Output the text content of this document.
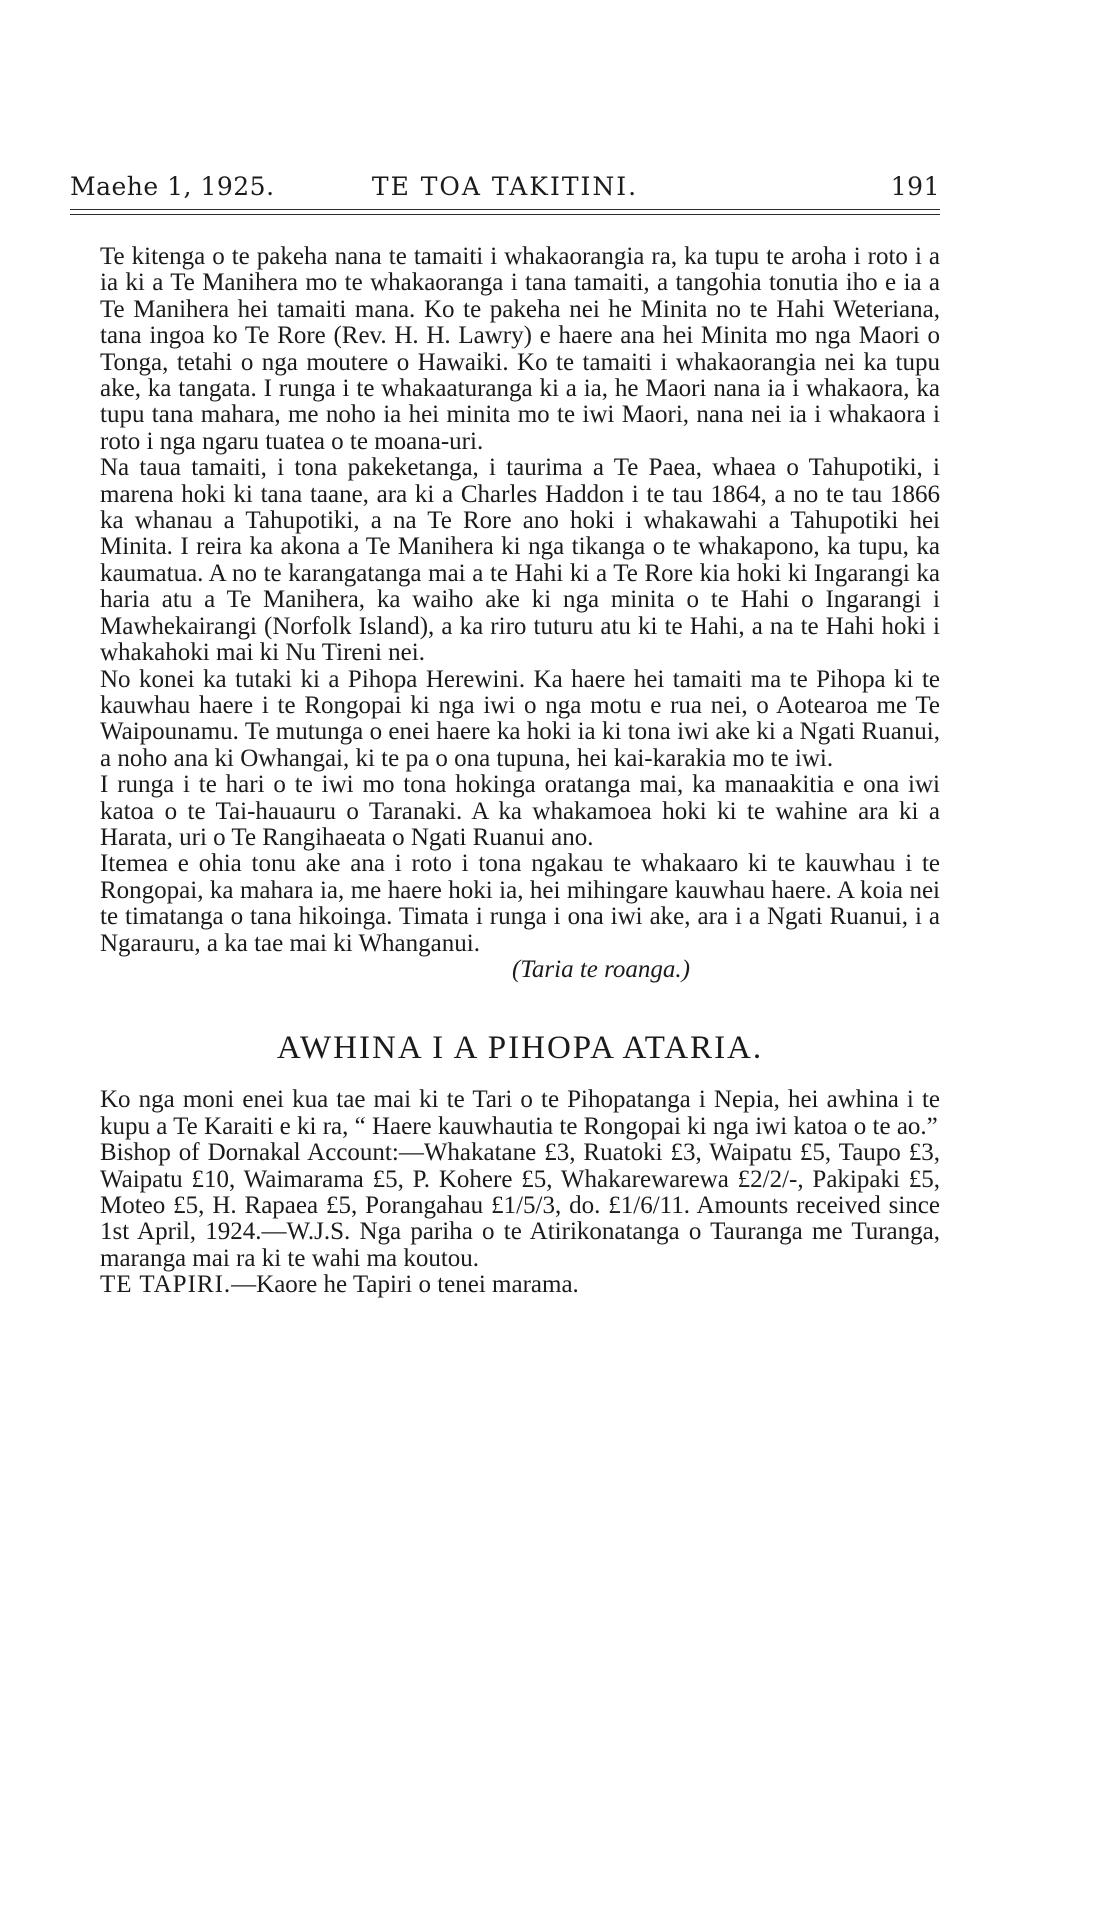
Maehe 1, 1925.	TE TOA TAKITINI.	191

Te kitenga o te pakeha nana te tamaiti i whakaorangia ra, ka tupu te aroha i roto i a ia ki a Te Manihera mo te whakaoranga i tana tamaiti, a tangohia tonutia iho e ia a Te Manihera hei tamaiti mana. Ko te pakeha nei he Minita no te Hahi Weteriana, tana ingoa ko Te Rore (Rev. H. H. Lawry) e haere ana hei Minita mo nga Maori o Tonga, tetahi o nga moutere o Hawaiki. Ko te tamaiti i whakaorangia nei ka tupu ake, ka tangata. I runga i te whakaaturanga ki a ia, he Maori nana ia i whakaora, ka tupu tana mahara, me noho ia hei minita mo te iwi Maori, nana nei ia i whakaora i roto i nga ngaru tuatea o te moana-uri.

Na taua tamaiti, i tona pakeketanga, i taurima a Te Paea, whaea o Tahupotiki, i marena hoki ki tana taane, ara ki a Charles Haddon i te tau 1864, a no te tau 1866 ka whanau a Tahupotiki, a na Te Rore ano hoki i whakawahi a Tahupotiki hei Minita. I reira ka akona a Te Manihera ki nga tikanga o te whakapono, ka tupu, ka kaumatua. A no te karangatanga mai a te Hahi ki a Te Rore kia hoki ki Ingarangi ka haria atu a Te Manihera, ka waiho ake ki nga minita o te Hahi o Ingarangi i Mawhekairangi (Norfolk Island), a ka riro tuturu atu ki te Hahi, a na te Hahi hoki i whakahoki mai ki Nu Tireni nei.

No konei ka tutaki ki a Pihopa Herewini. Ka haere hei tamaiti ma te Pihopa ki te kauwhau haere i te Rongopai ki nga iwi o nga motu e rua nei, o Aotearoa me Te Waipounamu. Te mutunga o enei haere ka hoki ia ki tona iwi ake ki a Ngati Ruanui, a noho ana ki Owhangai, ki te pa o ona tupuna, hei kai-karakia mo te iwi.

I runga i te hari o te iwi mo tona hokinga oratanga mai, ka manaakitia e ona iwi katoa o te Tai-hauauru o Taranaki. A ka whakamoea hoki ki te wahine ara ki a Harata, uri o Te Rangihaeata o Ngati Ruanui ano.

Itemea e ohia tonu ake ana i roto i tona ngakau te whakaaro ki te kauwhau i te Rongopai, ka mahara ia, me haere hoki ia, hei mihingare kauwhau haere. A koia nei te timatanga o tana hikoinga. Timata i runga i ona iwi ake, ara i a Ngati Ruanui, i a Ngarauru, a ka tae mai ki Whanganui.

(Taria te roanga.)

AWHINA I A PIHOPA ATARIA.

Ko nga moni enei kua tae mai ki te Tari o te Pihopatanga i Nepia, hei awhina i te kupu a Te Karaiti e ki ra, “ Haere kauwhautia te Rongopai ki nga iwi katoa o te ao.”

Bishop of Dornakal Account:—Whakatane £3, Ruatoki £3, Waipatu £5, Taupo £3, Waipatu £10, Waimarama £5, P. Kohere £5, Whakarewarewa £2/2/-, Pakipaki £5, Moteo £5, H. Rapaea £5, Porangahau £1/5/3, do. £1/6/11. Amounts received since 1st April, 1924.—W.J.S. Nga pariha o te Atirikonatanga o Tauranga me Turanga, maranga mai ra ki te wahi ma koutou.

TE TAPIRI.—Kaore he Tapiri o tenei marama.
